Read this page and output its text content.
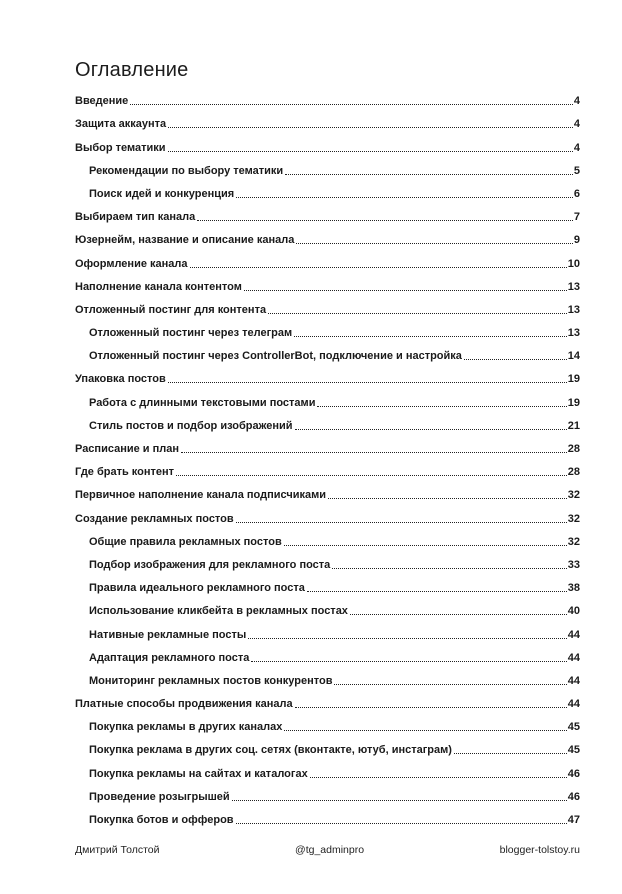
Оглавление
Введение	4
Защита аккаунта	4
Выбор тематики	4
Рекомендации по выбору тематики	5
Поиск идей и конкуренция	6
Выбираем тип канала	7
Юзернейм, название и описание канала	9
Оформление канала	10
Наполнение канала контентом	13
Отложенный постинг для контента	13
Отложенный постинг через телеграм	13
Отложенный постинг через ControllerBot, подключение и настройка	14
Упаковка постов	19
Работа с длинными текстовыми постами	19
Стиль постов и подбор изображений	21
Расписание и план	28
Где брать контент	28
Первичное наполнение канала подписчиками	32
Создание рекламных постов	32
Общие правила рекламных постов	32
Подбор изображения для рекламного поста	33
Правила идеального рекламного поста	38
Использование кликбейта в рекламных постах	40
Нативные рекламные посты	44
Адаптация рекламного поста	44
Мониторинг рекламных постов конкурентов	44
Платные способы продвижения канала	44
Покупка рекламы в других каналах	45
Покупка реклама в других соц. сетях (вконтакте, ютуб, инстаграм)	45
Покупка рекламы на сайтах и каталогах	46
Проведение розыгрышей	46
Покупка ботов и офферов	47
Дмитрий Толстой	@tg_adminpro	blogger-tolstoy.ru
